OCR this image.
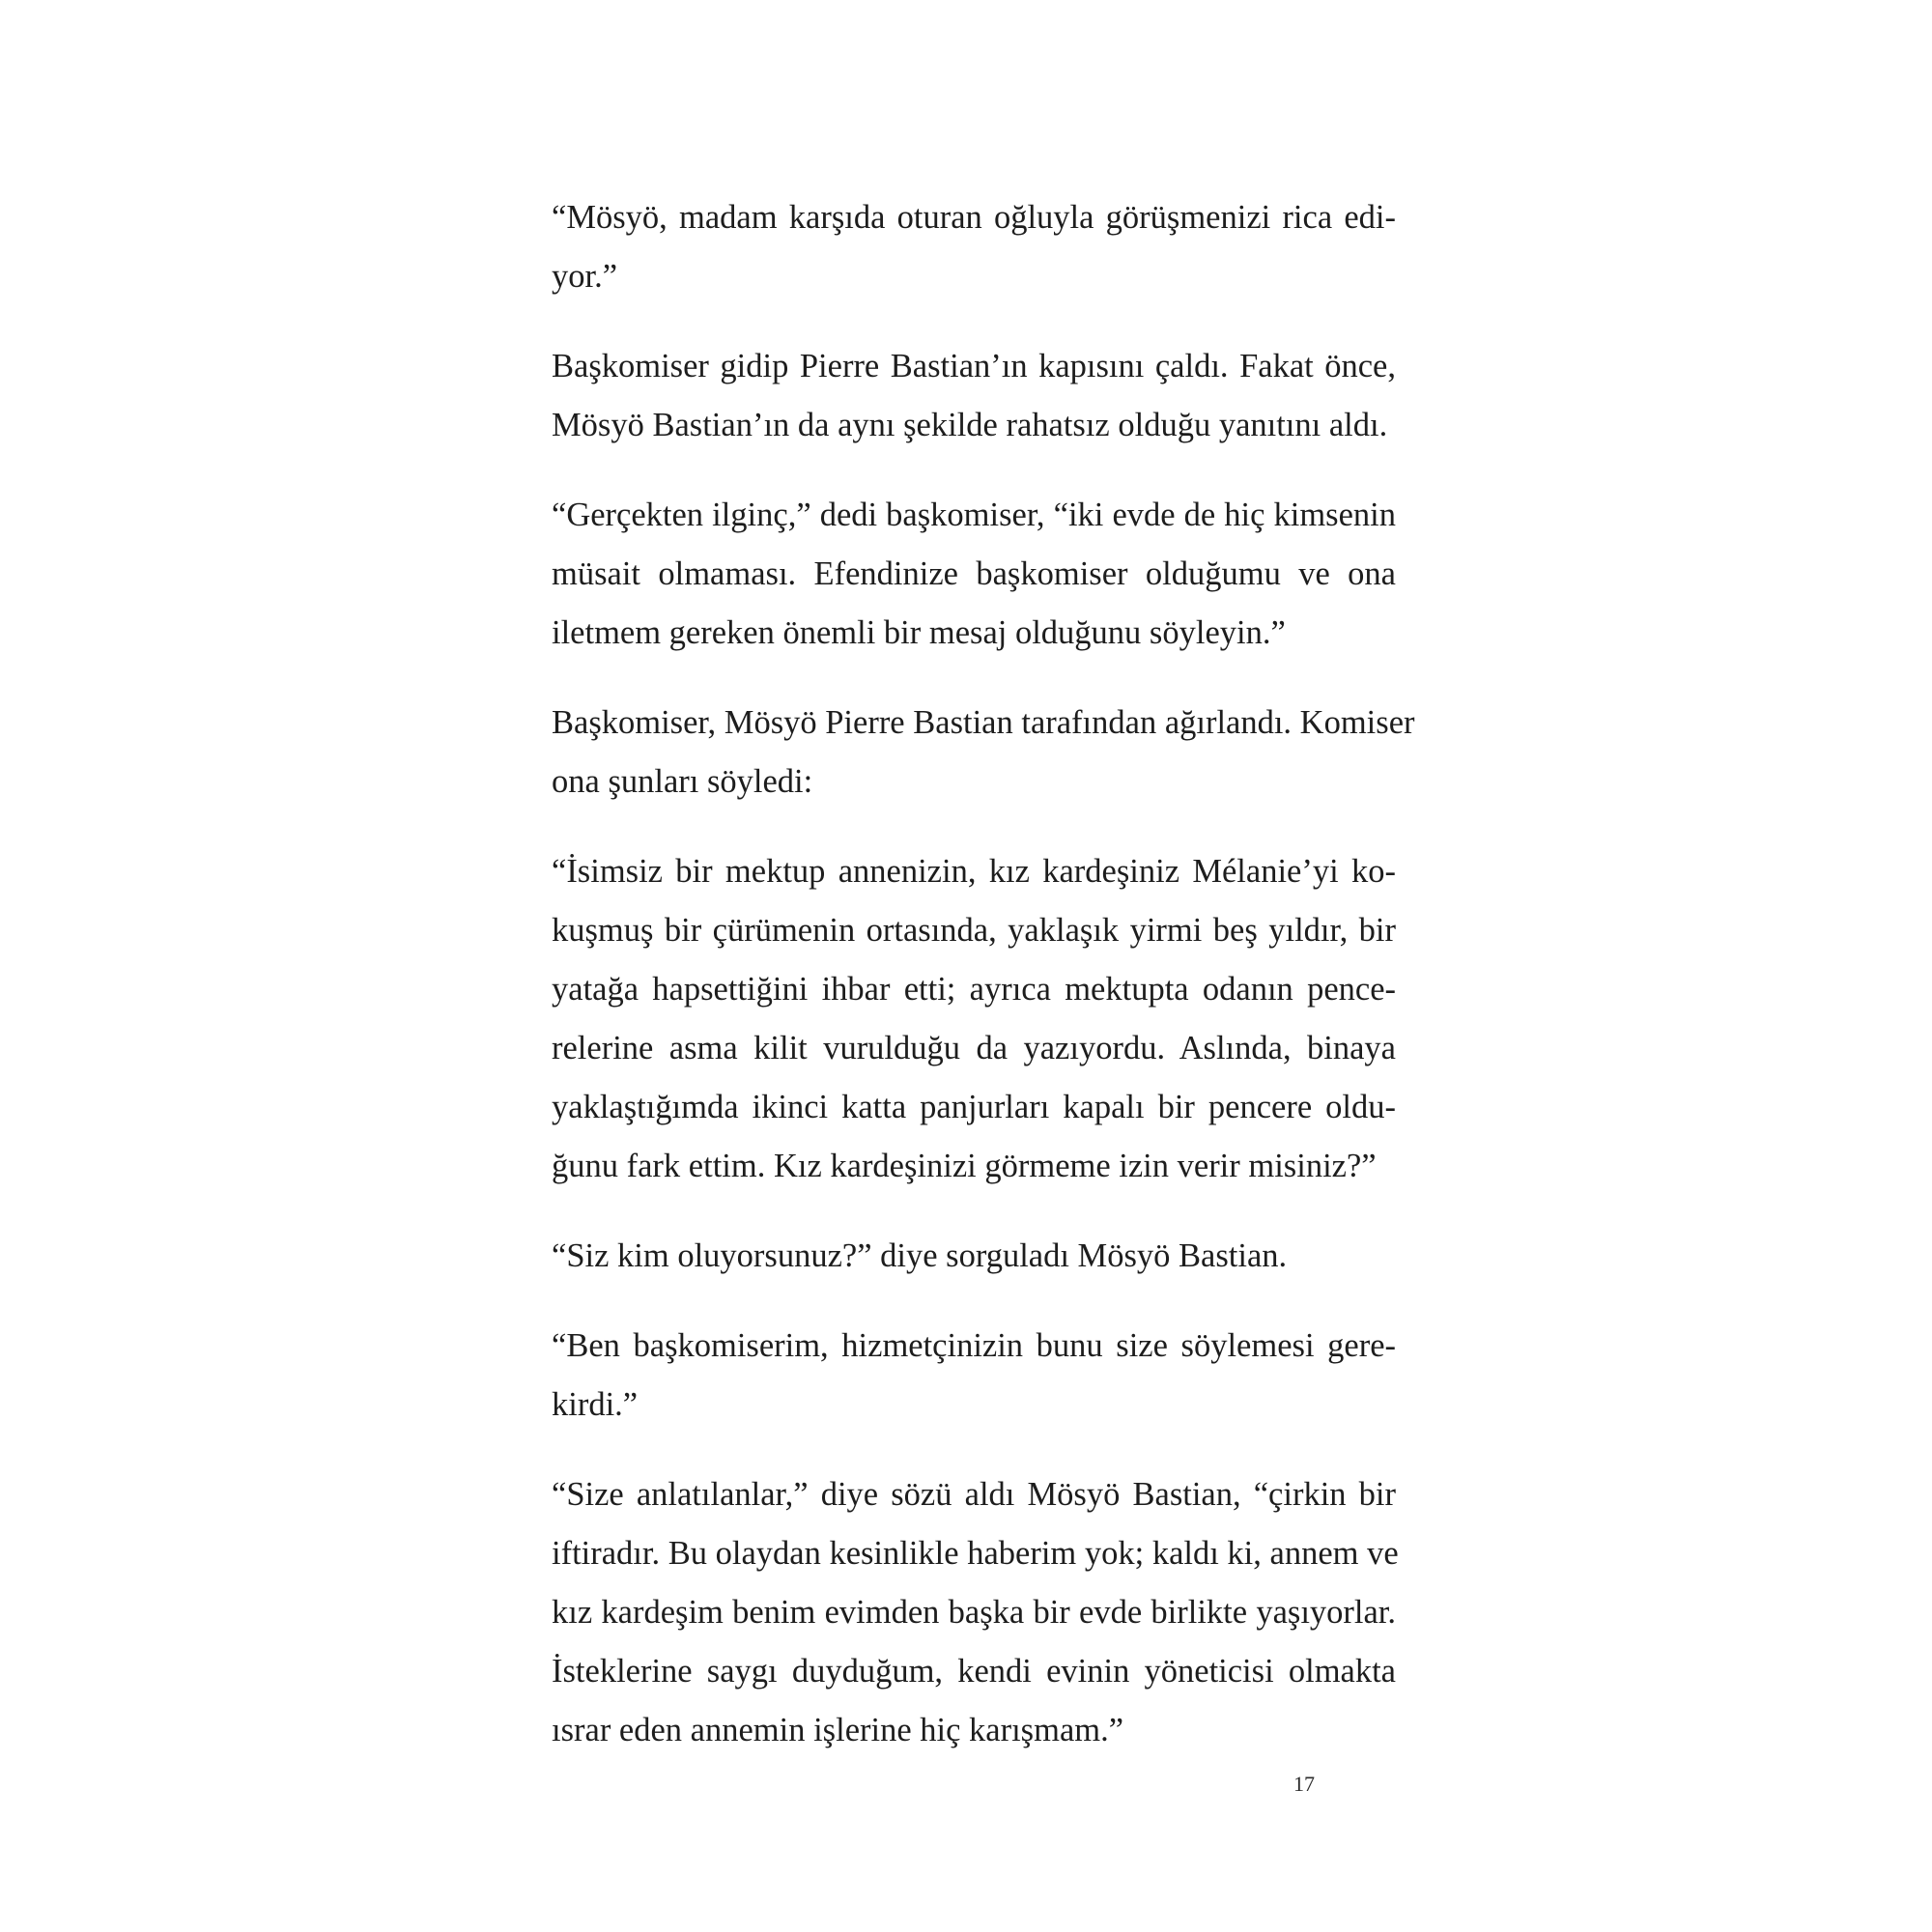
“Mösyö, madam karşıda oturan oğluyla görüşmenizi rica edi-
yor.”

Başkomiser gidip Pierre Bastian’ın kapısını çaldı. Fakat önce,
Mösyö Bastian’ın da aynı şekilde rahatsız olduğu yanıtını aldı.

“Gerçekten ilginç,” dedi başkomiser, “iki evde de hiç kimsenin
müsait olmaması. Efendinize başkomiser olduğumu ve ona
iletmem gereken önemli bir mesaj olduğunu söyleyin.”

Başkomiser, Mösyö Pierre Bastian tarafından ağırlandı. Komiser
ona şunları söyledi:

“İsimsiz bir mektup annenizin, kız kardeşiniz Mélanie’yi ko-
kuşmuş bir çürümenin ortasında, yaklaşık yirmi beş yıldır, bir
yatağa hapsettiğini ihbar etti; ayrıca mektupta odanın pence-
relerine asma kilit vurulduğu da yazıyordu. Aslında, binaya
yaklaştığımda ikinci katta panjurları kapalı bir pencere oldu-
ğunu fark ettim. Kız kardeşinizi görmeme izin verir misiniz?”

“Siz kim oluyorsunuz?” diye sorguladı Mösyö Bastian.

“Ben başkomiserim, hizmetçinizin bunu size söylemesi gere-
kirdi.”

“Size anlatılanlar,” diye sözü aldı Mösyö Bastian, “çirkin bir
iftiradır. Bu olaydan kesinlikle haberim yok; kaldı ki, annem ve
kız kardeşim benim evimden başka bir evde birlikte yaşıyorlar.
İsteklerine saygı duyduğum, kendi evinin yöneticisi olmakta
ısrar eden annemin işlerine hiç karışmam.”

17
